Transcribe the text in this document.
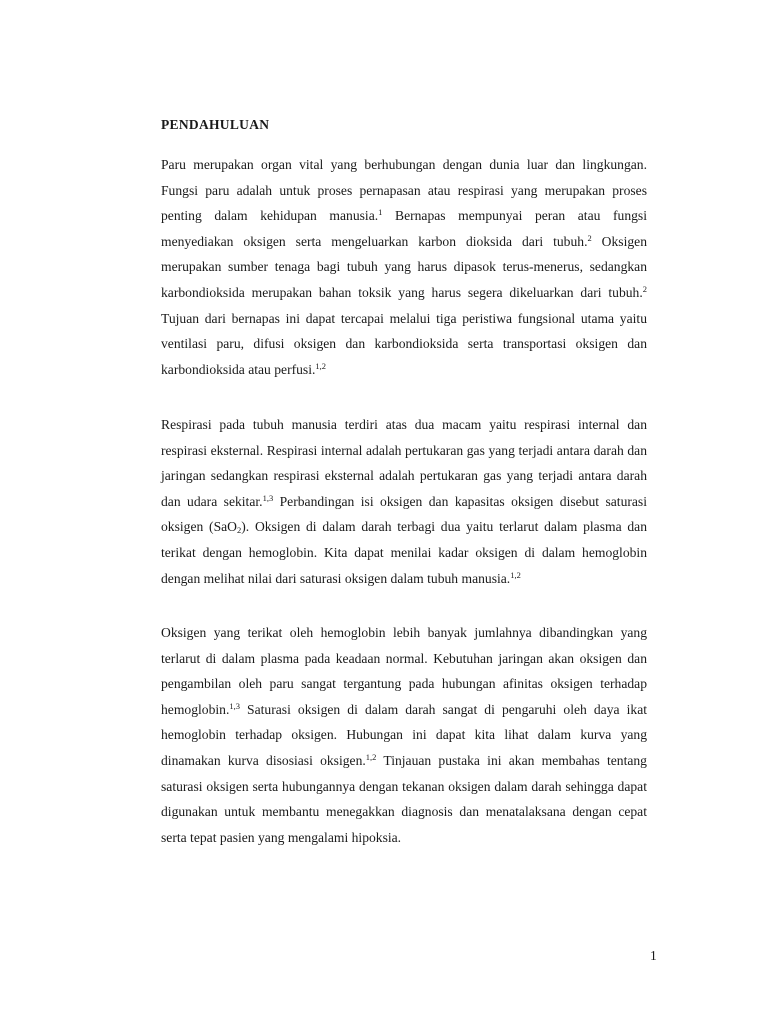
PENDAHULUAN
Paru merupakan organ vital yang berhubungan dengan dunia luar dan lingkungan. Fungsi paru adalah untuk proses pernapasan atau respirasi yang merupakan proses penting dalam kehidupan manusia.$^1$ Bernapas mempunyai peran atau fungsi menyediakan oksigen serta mengeluarkan karbon dioksida dari tubuh.$^2$ Oksigen merupakan sumber tenaga bagi tubuh yang harus dipasok terus-menerus, sedangkan karbondioksida merupakan bahan toksik yang harus segera dikeluarkan dari tubuh.$^2$ Tujuan dari bernapas ini dapat tercapai melalui tiga peristiwa fungsional utama yaitu ventilasi paru, difusi oksigen dan karbondioksida serta transportasi oksigen dan karbondioksida atau perfusi.$^{1,2}$
Respirasi pada tubuh manusia terdiri atas dua macam yaitu respirasi internal dan respirasi eksternal. Respirasi internal adalah pertukaran gas yang terjadi antara darah dan jaringan sedangkan respirasi eksternal adalah pertukaran gas yang terjadi antara darah dan udara sekitar.$^{1,3}$ Perbandingan isi oksigen dan kapasitas oksigen disebut saturasi oksigen (SaO$_2$). Oksigen di dalam darah terbagi dua yaitu terlarut dalam plasma dan terikat dengan hemoglobin. Kita dapat menilai kadar oksigen di dalam hemoglobin dengan melihat nilai dari saturasi oksigen dalam tubuh manusia.$^{1,2}$
Oksigen yang terikat oleh hemoglobin lebih banyak jumlahnya dibandingkan yang terlarut di dalam plasma pada keadaan normal. Kebutuhan jaringan akan oksigen dan pengambilan oleh paru sangat tergantung pada hubungan afinitas oksigen terhadap hemoglobin.$^{1,3}$ Saturasi oksigen di dalam darah sangat di pengaruhi oleh daya ikat hemoglobin terhadap oksigen. Hubungan ini dapat kita lihat dalam kurva yang dinamakan kurva disosiasi oksigen.$^{1,2}$ Tinjauan pustaka ini akan membahas tentang saturasi oksigen serta hubungannya dengan tekanan oksigen dalam darah sehingga dapat digunakan untuk membantu menegakkan diagnosis dan menatalaksana dengan cepat serta tepat pasien yang mengalami hipoksia.
1
